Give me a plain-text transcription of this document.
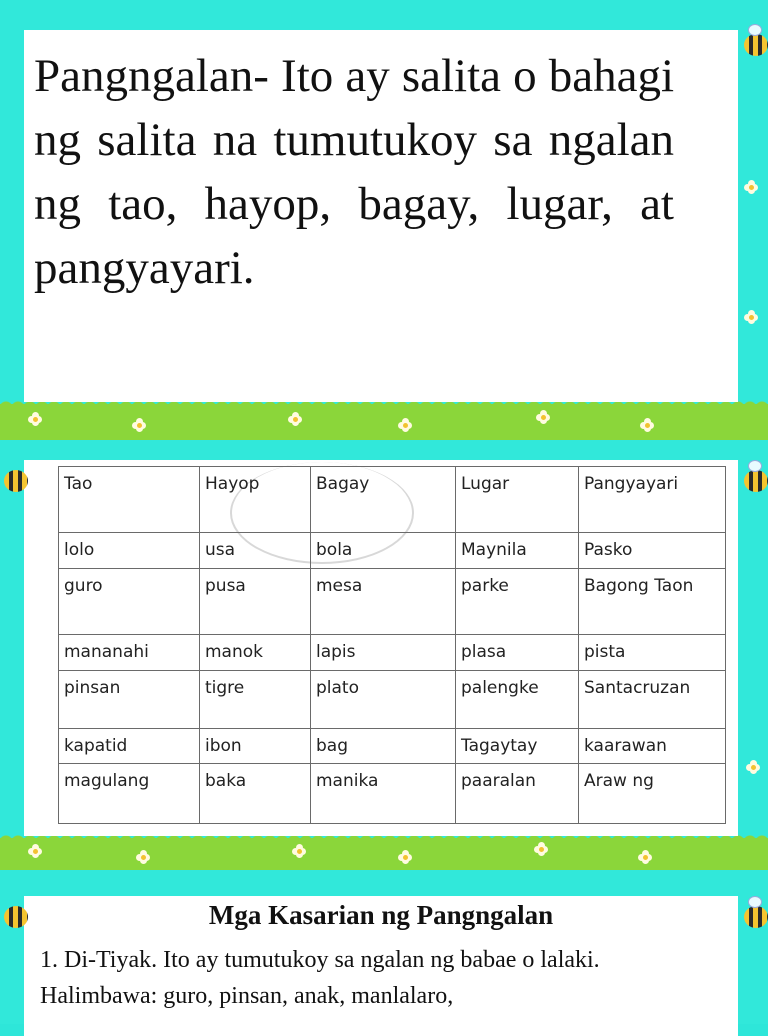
Pangngalan- Ito ay salita o bahagi ng salita na tumutukoy sa ngalan ng tao, hayop, bagay, lugar, at pangyayari.

Tao	Hayop	Bagay	Lugar	Pangyayari
lolo	usa	bola	Maynila	Pasko
guro	pusa	mesa	parke	Bagong Taon
mananahi	manok	lapis	plasa	pista
pinsan	tigre	plato	palengke	Santacruzan
kapatid	ibon	bag	Tagaytay	kaarawan
magulang	baka	manika	paaralan	Araw ng
Mga Kasarian ng Pangngalan

1. Di-Tiyak. Ito ay tumutukoy sa ngalan ng babae o lalaki. Halimbawa: guro, pinsan, anak, manlalaro,
